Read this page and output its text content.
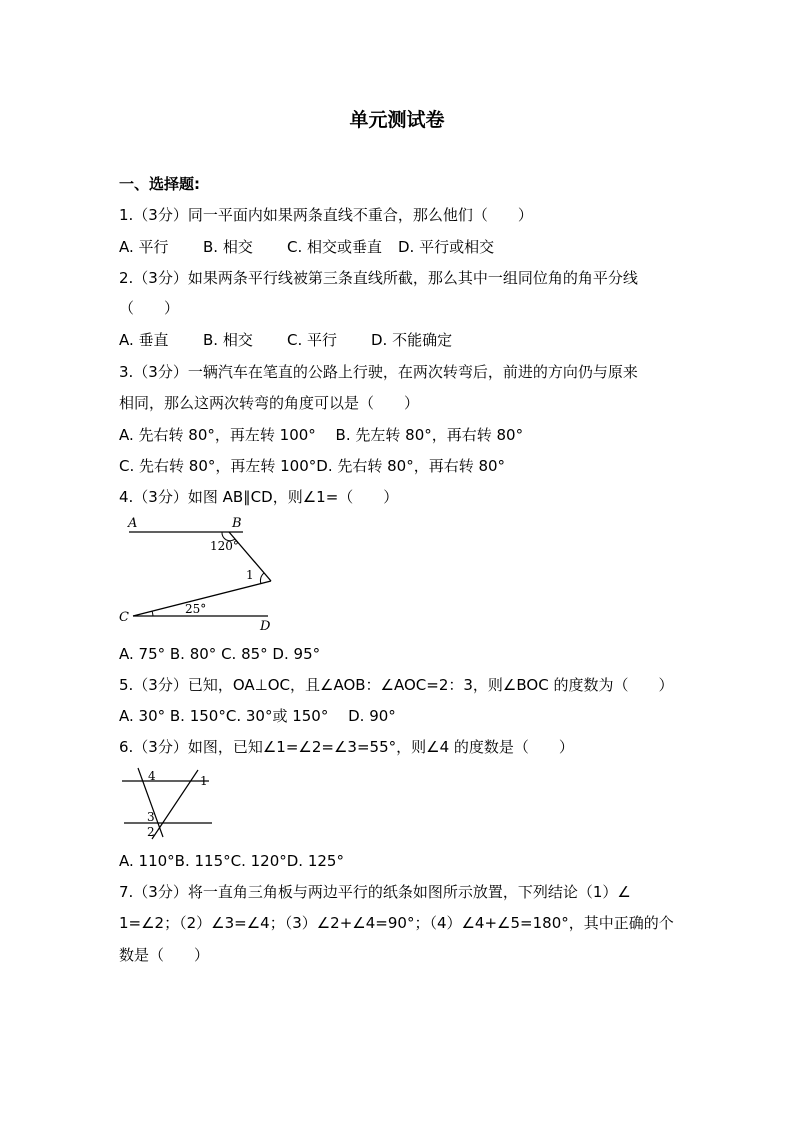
单元测试卷
一、选择题:
1.（3分）同一平面内如果两条直线不重合，那么他们（　　）
A. 平行 B. 相交 C. 相交或垂直 D. 平行或相交
2.（3分）如果两条平行线被第三条直线所截，那么其中一组同位角的角平分线
（　　）
A. 垂直 B. 相交 C. 平行 D. 不能确定
3.（3分）一辆汽车在笔直的公路上行驶，在两次转弯后，前进的方向仍与原来
相同，那么这两次转弯的角度可以是（　　）
A. 先右转 80°，再左转 100°　 B. 先左转 80°，再右转 80°
C. 先右转 80°，再左转 100°D. 先右转 80°，再右转 80°
4.（3分）如图 AB∥CD，则∠1=（　　）
A	B
C
D
120°
1
25°
A. 75° B. 80° C. 85° D. 95°
5.（3分）已知，OA⊥OC，且∠AOB：∠AOC=2：3，则∠BOC 的度数为（　　）
A. 30° B. 150°C. 30°或 150°　 D. 90°
6.（3分）如图，已知∠1=∠2=∠3=55°，则∠4 的度数是（　　）
4	1
3
2
A. 110°B. 115°C. 120°D. 125°
7.（3分）将一直角三角板与两边平行的纸条如图所示放置，下列结论（1）∠
1=∠2；（2）∠3=∠4；（3）∠2+∠4=90°；（4）∠4+∠5=180°，其中正确的个
数是（　　）
